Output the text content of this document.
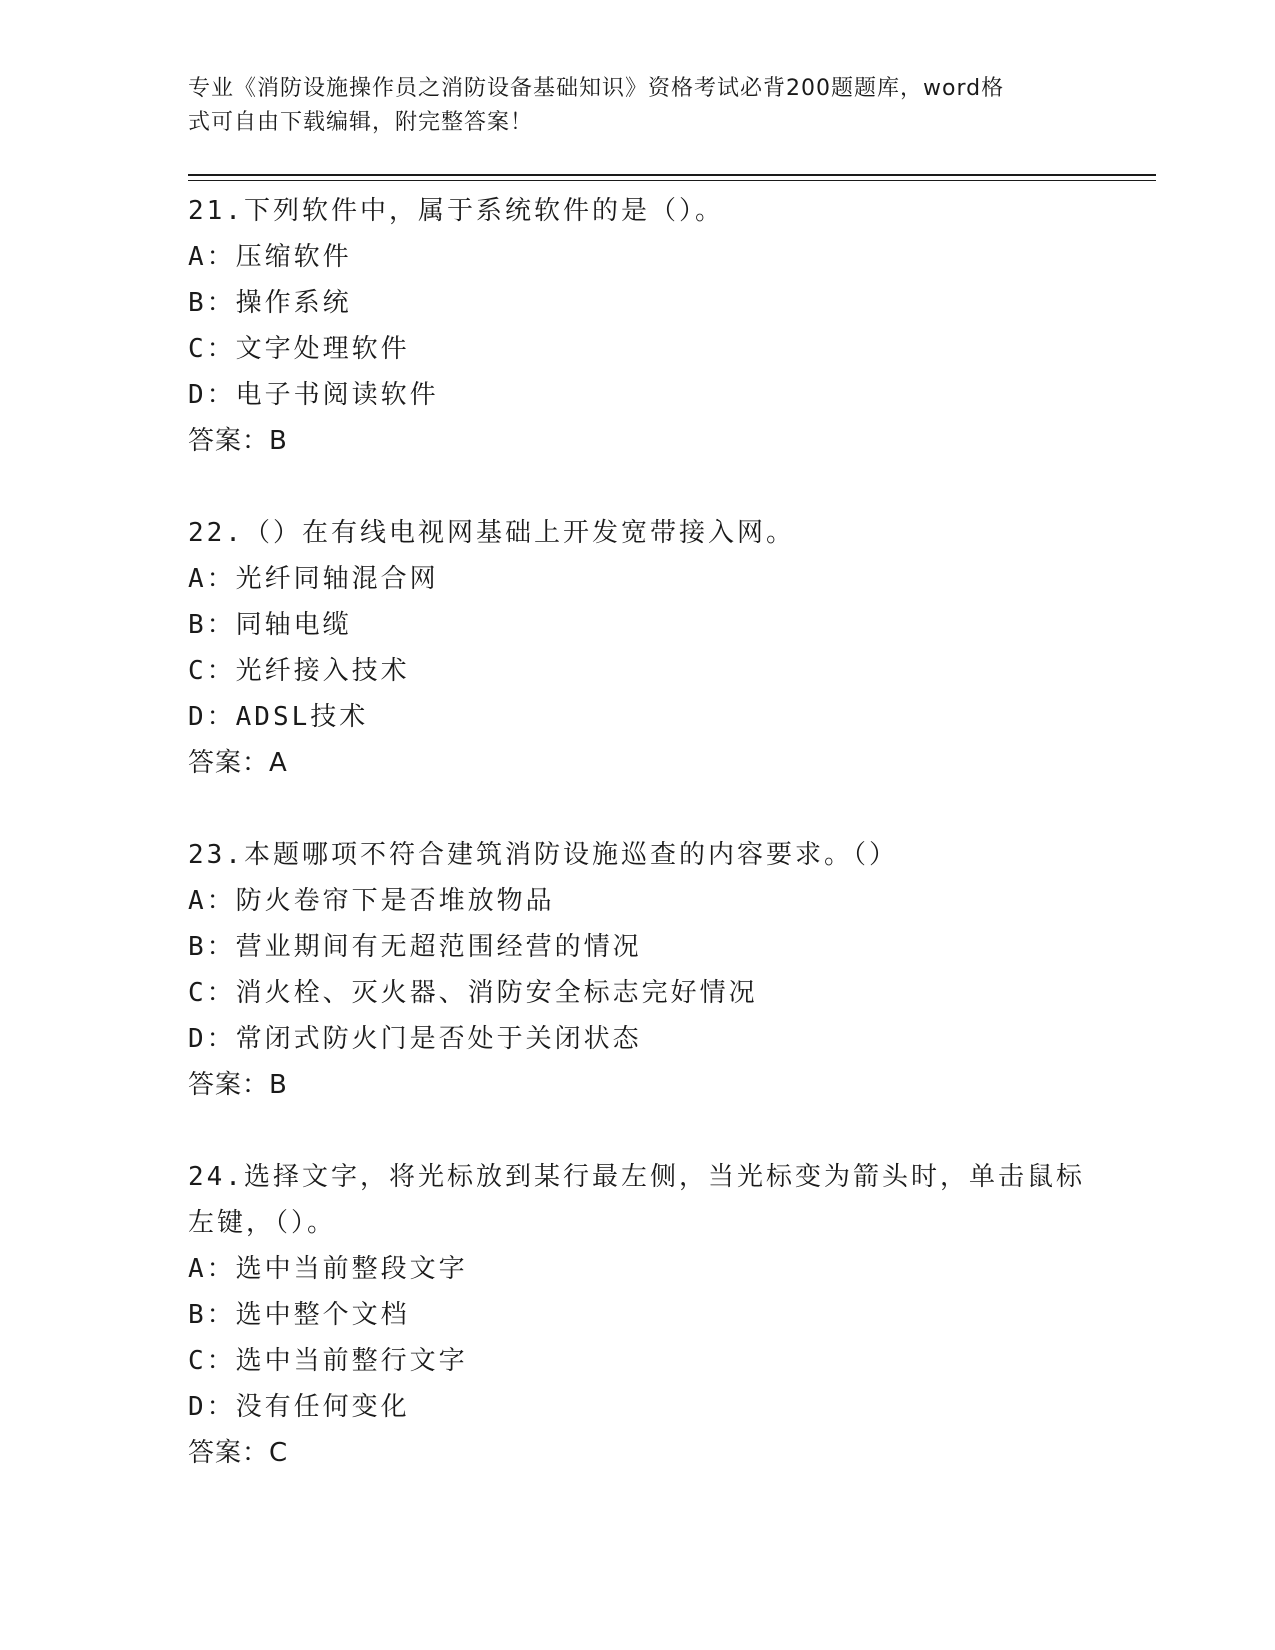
专业《消防设施操作员之消防设备基础知识》资格考试必背200题题库，word格
式可自由下载编辑，附完整答案！
21.下列软件中，属于系统软件的是（）。
A：压缩软件
B：操作系统
C：文字处理软件
D：电子书阅读软件
答案：B
22.（）在有线电视网基础上开发宽带接入网。
A：光纤同轴混合网
B：同轴电缆
C：光纤接入技术
D：ADSL技术
答案：A
23.本题哪项不符合建筑消防设施巡查的内容要求。（）
A：防火卷帘下是否堆放物品
B：营业期间有无超范围经营的情况
C：消火栓、灭火器、消防安全标志完好情况
D：常闭式防火门是否处于关闭状态
答案：B
24.选择文字，将光标放到某行最左侧，当光标变为箭头时，单击鼠标左键，（）。
A：选中当前整段文字
B：选中整个文档
C：选中当前整行文字
D：没有任何变化
答案：C
